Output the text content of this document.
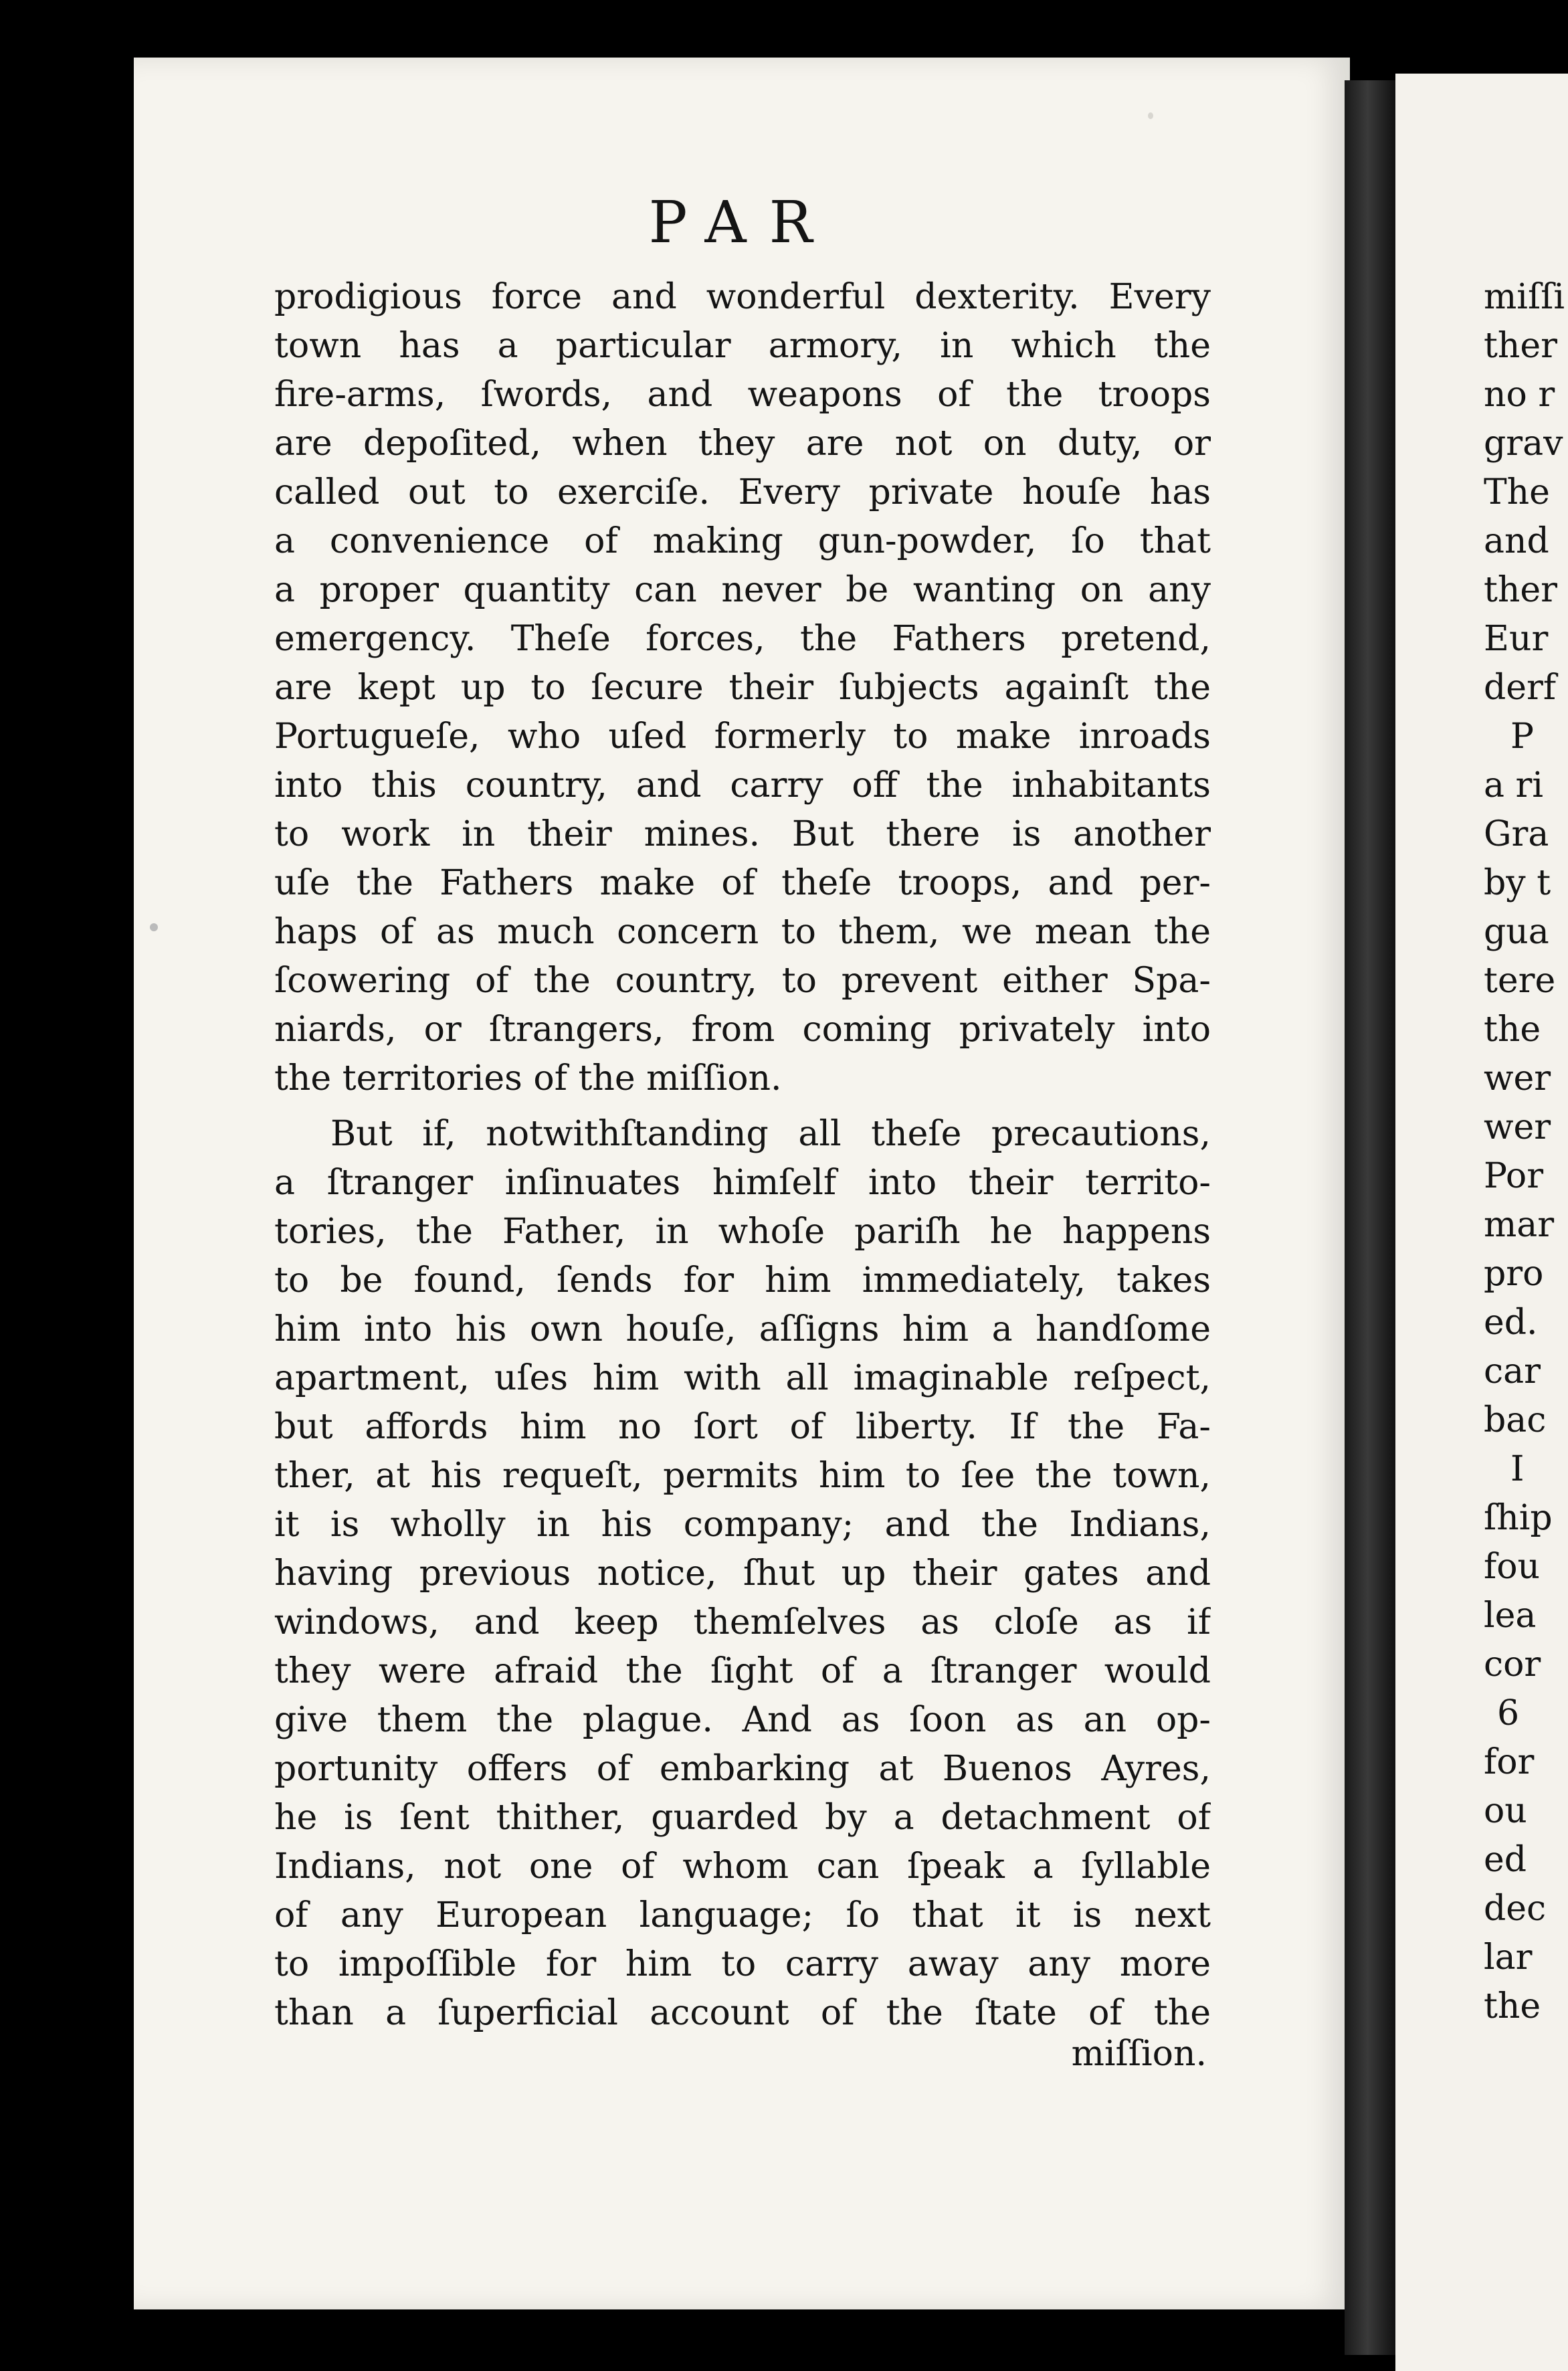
PAR
prodigious force and wonderful dexterity. Every
town has a particular armory, in which the
fire-arms, ſwords, and weapons of the troops
are depoſited, when they are not on duty, or
called out to exerciſe. Every private houſe has
a convenience of making gun-powder, ſo that
a proper quantity can never be wanting on any
emergency. Theſe forces, the Fathers pretend,
are kept up to ſecure their ſubjects againſt the
Portugueſe, who uſed formerly to make inroads
into this country, and carry off the inhabitants
to work in their mines. But there is another
uſe the Fathers make of theſe troops, and per-
haps of as much concern to them, we mean the
ſcowering of the country, to prevent either Spa-
niards, or ſtrangers, from coming privately into
the territories of the miſſion.
But if, notwithſtanding all theſe precautions,
a ſtranger inſinuates himſelf into their territo-
tories, the Father, in whoſe pariſh he happens
to be found, ſends for him immediately, takes
him into his own houſe, aſſigns him a handſome
apartment, uſes him with all imaginable reſpect,
but affords him no ſort of liberty. If the Fa-
ther, at his requeſt, permits him to ſee the town,
it is wholly in his company; and the Indians,
having previous notice, ſhut up their gates and
windows, and keep themſelves as cloſe as if
they were afraid the ſight of a ſtranger would
give them the plague. And as ſoon as an op-
portunity offers of embarking at Buenos Ayres,
he is ſent thither, guarded by a detachment of
Indians, not one of whom can ſpeak a ſyllable
of any European language; ſo that it is next
to impoſſible for him to carry away any more
than a ſuperficial account of the ſtate of the
miſſion.
miſſi
ther
no r
grav
The
and
ther
Eur
derf
P
a ri
Gra
by t
gua
tere
the
wer
wer
Por
mar
pro
ed.
car
bac
I
ſhip
fou
lea
cor
6
for
ou
ed
dec
lar
the
